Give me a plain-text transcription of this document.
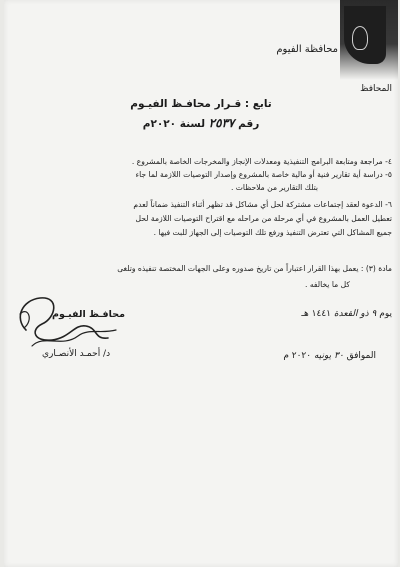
محافظة الفيوم
المحافظ
تابع : قـرار محافـظ الفيـوم
رقم ٢٥٣٧ لسنة ٢٠٢٠م
٤- مراجعة ومتابعة البرامج التنفيذية ومعدلات الإنجاز والمخرجات الخاصة بالمشروع .
٥- دراسة أية تقارير فنية أو مالية خاصة بالمشروع وإصدار التوصيات اللازمة لما جاء
بتلك التقارير من ملاحظات .
٦- الدعوة لعقد إجتماعات مشتركة لحل أي مشاكل قد تظهر أثناء التنفيذ ضماناً لعدم
تعطيل العمل بالمشروع في أي مرحلة من مراحله مع اقتراح التوصيات اللازمة لحل
جميع المشاكل التي تعترض التنفيذ ورفع تلك التوصيات إلى الجهاز للبت فيها .
مادة (٣) : يعمل بهذا القرار اعتباراً من تاريخ صدوره وعلى الجهات المختصة تنفيذه وتلغى
كل ما يخالفه .
يوم ٩ ذو القعدة ١٤٤١ هـ
الموافق ٣٠ يونيه ٢٠٢٠ م
محافـظ الفيـوم
د/ أحمـد الأنصـاري
